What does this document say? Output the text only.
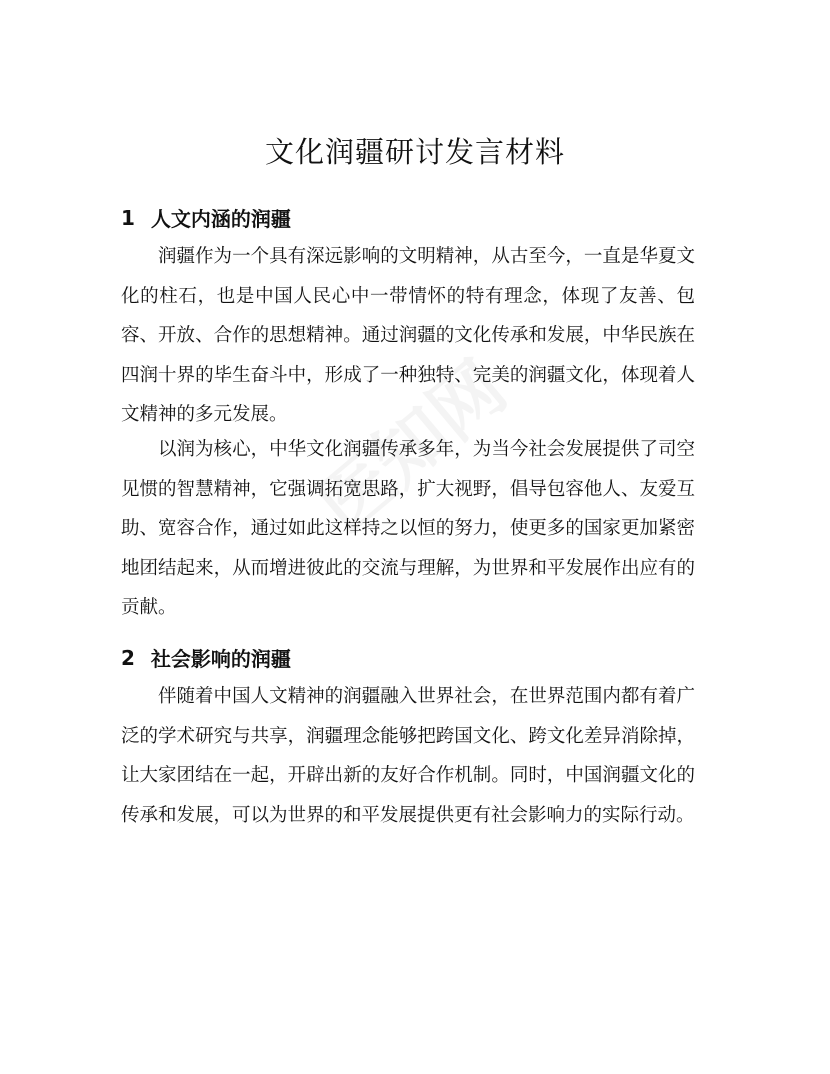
文化润疆研讨发言材料
1 人文内涵的润疆

润疆作为一个具有深远影响的文明精神，从古至今，一直是华夏文化的柱石，也是中国人民心中一带情怀的特有理念，体现了友善、包容、开放、合作的思想精神。通过润疆的文化传承和发展，中华民族在四润十界的毕生奋斗中，形成了一种独特、完美的润疆文化，体现着人文精神的多元发展。

以润为核心，中华文化润疆传承多年，为当今社会发展提供了司空见惯的智慧精神，它强调拓宽思路，扩大视野，倡导包容他人、友爱互助、宽容合作，通过如此这样持之以恒的努力，使更多的国家更加紧密地团结起来，从而增进彼此的交流与理解，为世界和平发展作出应有的贡献。

2 社会影响的润疆

伴随着中国人文精神的润疆融入世界社会，在世界范围内都有着广泛的学术研究与共享，润疆理念能够把跨国文化、跨文化差异消除掉，让大家团结在一起，开辟出新的友好合作机制。同时，中国润疆文化的传承和发展，可以为世界的和平发展提供更有社会影响力的实际行动。
